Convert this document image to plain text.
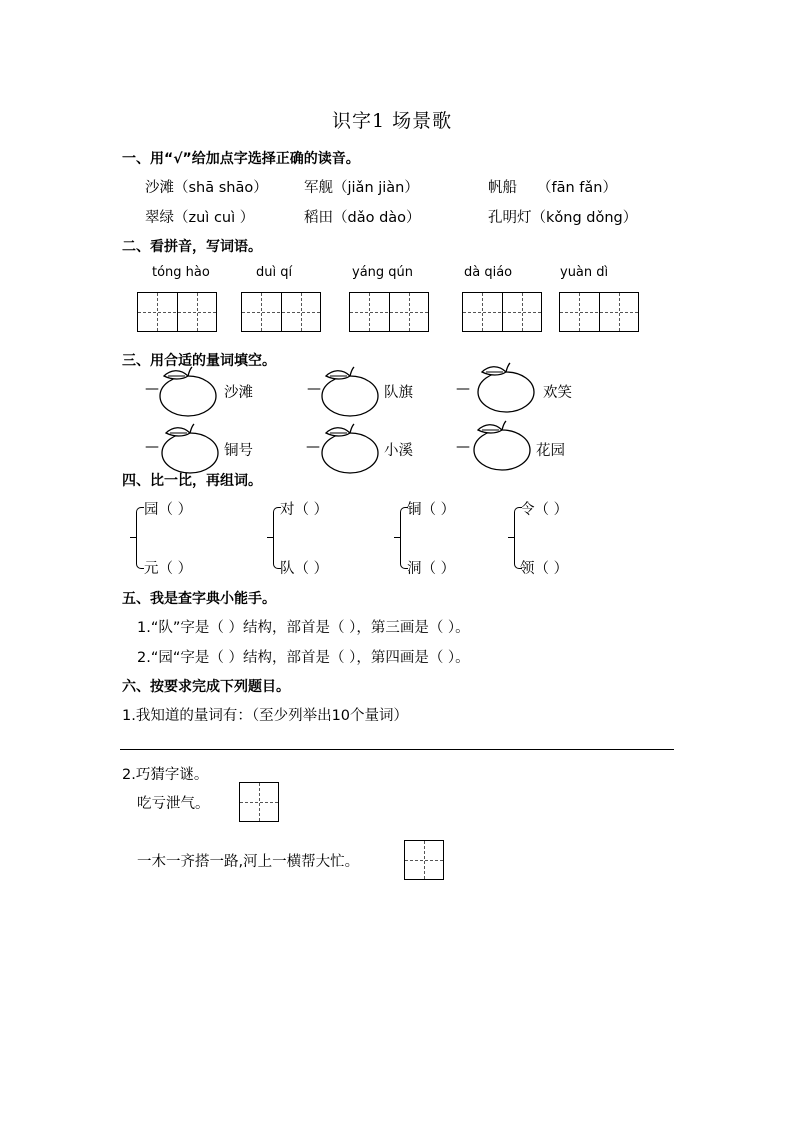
识字1 场景歌
一、用“√”给加点字选择正确的读音。
沙滩（shā shāo）	军舰（jiǎn jiàn）	帆船 （fān fǎn）
翠绿（zuì cuì ）	稻田（dǎo dào）	孔明灯（kǒng dǒng）
二、看拼音，写词语。
tóng hào	duì qí	yáng qún	dà qiáo	yuàn dì
三、用合适的量词填空。
—	沙滩	—	队旗	—	欢笑
—	铜号	—	小溪	—	花园
四、比一比，再组词。
园（ ）
元（ ）
对（ ）
队（ ）
铜（ ）
洞（ ）
令（ ）
领（ ）
五、我是查字典小能手。
1.“队”字是（ ）结构，部首是（ ），第三画是（ ）。
2.“园“字是（ ）结构，部首是（ ），第四画是（ ）。
六、按要求完成下列题目。
1.我知道的量词有：（至少列举出10个量词）
2.巧猜字谜。
吃亏泄气。
一木一齐搭一路,河上一横帮大忙。
